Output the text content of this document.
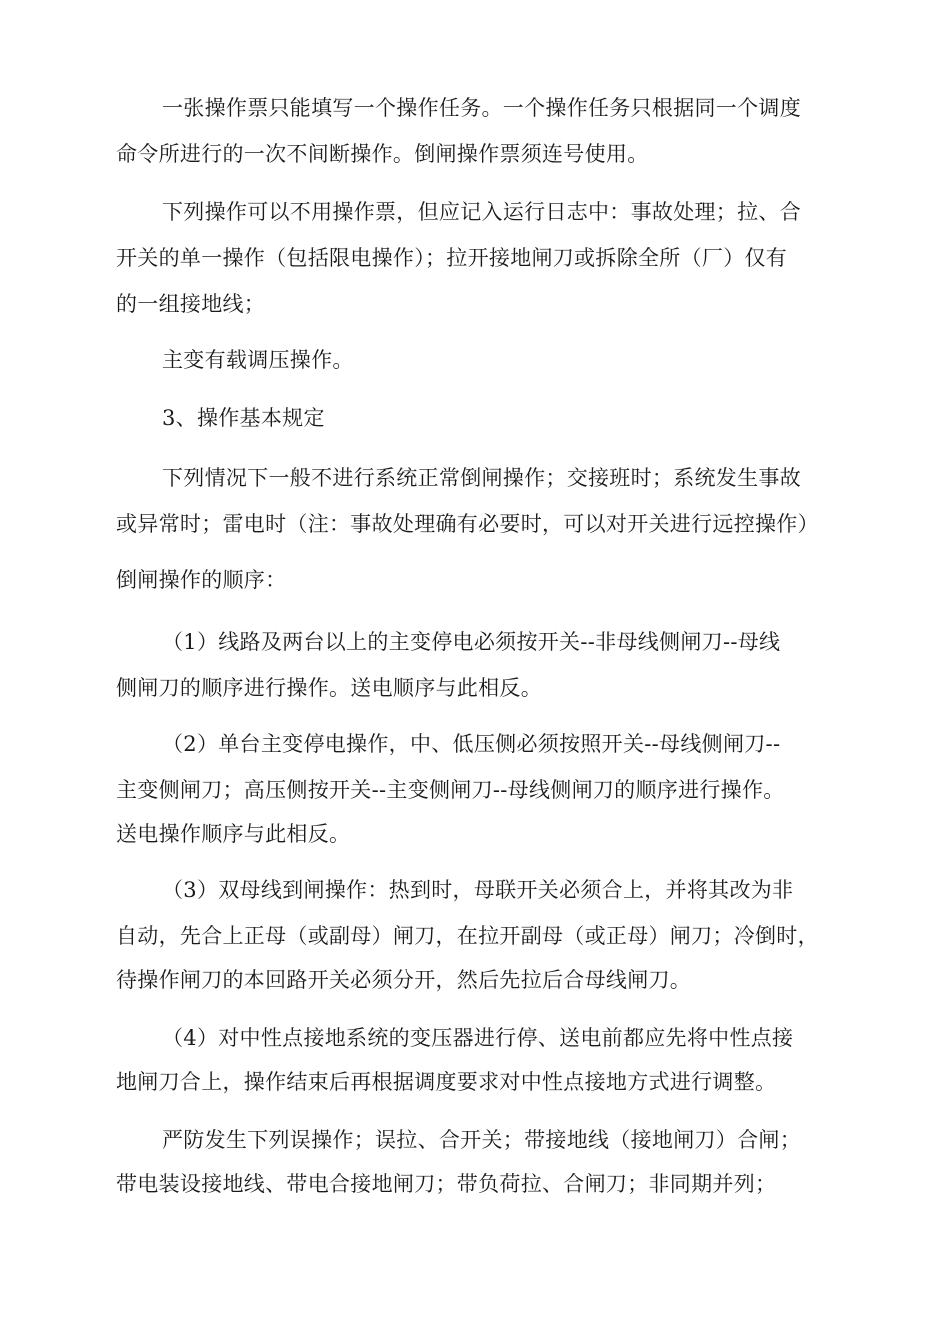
一张操作票只能填写一个操作任务。一个操作任务只根据同一个调度
命令所进行的一次不间断操作。倒闸操作票须连号使用。
下列操作可以不用操作票，但应记入运行日志中：事故处理；拉、合
开关的单一操作（包括限电操作）；拉开接地闸刀或拆除全所（厂）仅有
的一组接地线；
主变有载调压操作。
3、操作基本规定
下列情况下一般不进行系统正常倒闸操作；交接班时；系统发生事故
或异常时；雷电时（注：事故处理确有必要时，可以对开关进行远控操作）
倒闸操作的顺序：
（1）线路及两台以上的主变停电必须按开关--非母线侧闸刀--母线
侧闸刀的顺序进行操作。送电顺序与此相反。
（2）单台主变停电操作，中、低压侧必须按照开关--母线侧闸刀--
主变侧闸刀；高压侧按开关--主变侧闸刀--母线侧闸刀的顺序进行操作。
送电操作顺序与此相反。
（3）双母线到闸操作：热到时，母联开关必须合上，并将其改为非
自动，先合上正母（或副母）闸刀，在拉开副母（或正母）闸刀；冷倒时，
待操作闸刀的本回路开关必须分开，然后先拉后合母线闸刀。
（4）对中性点接地系统的变压器进行停、送电前都应先将中性点接
地闸刀合上，操作结束后再根据调度要求对中性点接地方式进行调整。
严防发生下列误操作；误拉、合开关；带接地线（接地闸刀）合闸；
带电装设接地线、带电合接地闸刀；带负荷拉、合闸刀；非同期并列；
